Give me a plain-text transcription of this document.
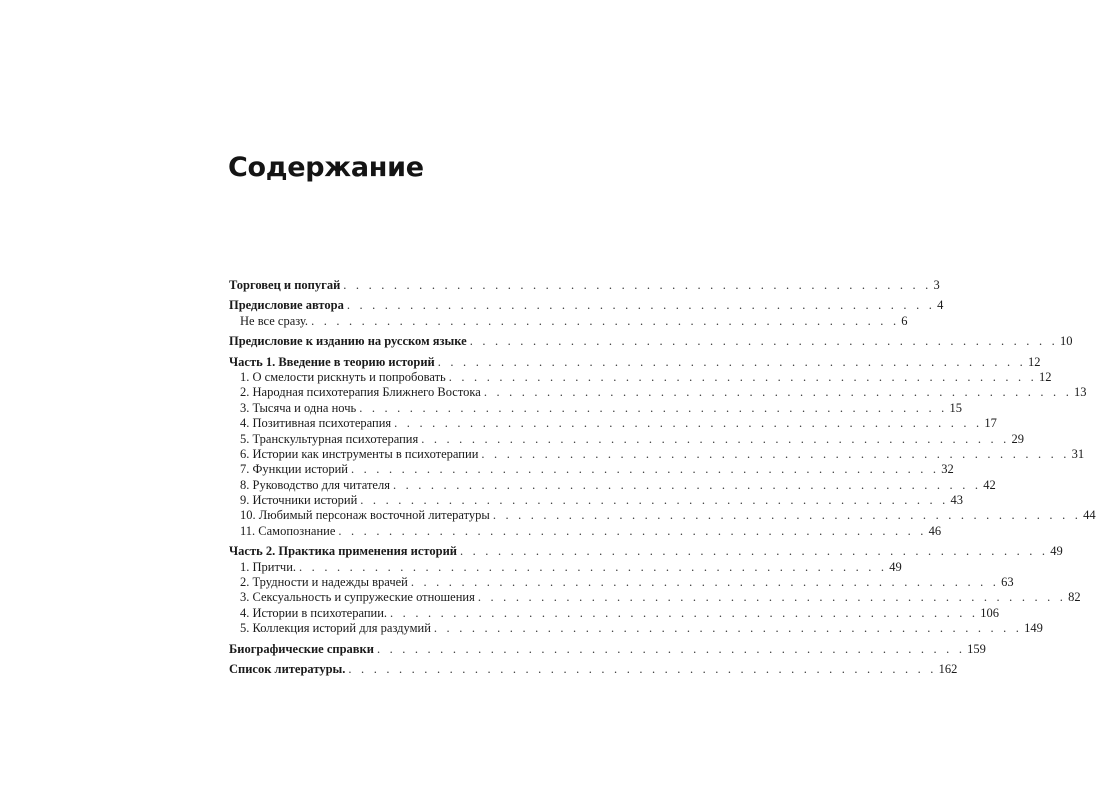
Содержание
Торговец и попугай . . . . . . . . . . . . . . . . . . . . . . . . . . . . . . . . . . . . . . . . . . . . . . . 3
Предисловие автора . . . . . . . . . . . . . . . . . . . . . . . . . . . . . . . . . . . . . . . . . . . . . . . 4
Не все сразу. . . . . . . . . . . . . . . . . . . . . . . . . . . . . . . . . . . . . . . . . . . . . . . . 6
Предисловие к изданию на русском языке . . . . . . . . . . . . . . . . . . . . . . . . . . . . . . . . . . . . . . . . . . . . . . . 10
Часть 1. Введение в теорию историй . . . . . . . . . . . . . . . . . . . . . . . . . . . . . . . . . . . . . . . . . . . . . . . 12
1. О смелости рискнуть и попробовать . . . . . . . . . . . . . . . . . . . . . . . . . . . . . . . . . . . . . . . . . . . . . . . 12
2. Народная психотерапия Ближнего Востока . . . . . . . . . . . . . . . . . . . . . . . . . . . . . . . . . . . . . . . . . . . . . . . 13
3. Тысяча и одна ночь . . . . . . . . . . . . . . . . . . . . . . . . . . . . . . . . . . . . . . . . . . . . . . . 15
4. Позитивная психотерапия . . . . . . . . . . . . . . . . . . . . . . . . . . . . . . . . . . . . . . . . . . . . . . . 17
5. Транскультурная психотерапия . . . . . . . . . . . . . . . . . . . . . . . . . . . . . . . . . . . . . . . . . . . . . . . 29
6. Истории как инструменты в психотерапии . . . . . . . . . . . . . . . . . . . . . . . . . . . . . . . . . . . . . . . . . . . . . . . 31
7. Функции историй . . . . . . . . . . . . . . . . . . . . . . . . . . . . . . . . . . . . . . . . . . . . . . . 32
8. Руководство для читателя . . . . . . . . . . . . . . . . . . . . . . . . . . . . . . . . . . . . . . . . . . . . . . . 42
9. Источники историй . . . . . . . . . . . . . . . . . . . . . . . . . . . . . . . . . . . . . . . . . . . . . . . 43
10. Любимый персонаж восточной литературы . . . . . . . . . . . . . . . . . . . . . . . . . . . . . . . . . . . . . . . . . . . . . . . 44
11. Самопознание . . . . . . . . . . . . . . . . . . . . . . . . . . . . . . . . . . . . . . . . . . . . . . . 46
Часть 2. Практика применения историй . . . . . . . . . . . . . . . . . . . . . . . . . . . . . . . . . . . . . . . . . . . . . . . 49
1. Притчи. . . . . . . . . . . . . . . . . . . . . . . . . . . . . . . . . . . . . . . . . . . . . . . . 49
2. Трудности и надежды врачей . . . . . . . . . . . . . . . . . . . . . . . . . . . . . . . . . . . . . . . . . . . . . . . 63
3. Сексуальность и супружеские отношения . . . . . . . . . . . . . . . . . . . . . . . . . . . . . . . . . . . . . . . . . . . . . . . 82
4. Истории в психотерапии. . . . . . . . . . . . . . . . . . . . . . . . . . . . . . . . . . . . . . . . . . . . . . . . 106
5. Коллекция историй для раздумий . . . . . . . . . . . . . . . . . . . . . . . . . . . . . . . . . . . . . . . . . . . . . . . 149
Биографические справки . . . . . . . . . . . . . . . . . . . . . . . . . . . . . . . . . . . . . . . . . . . . . . . 159
Список литературы. . . . . . . . . . . . . . . . . . . . . . . . . . . . . . . . . . . . . . . . . . . . . . . . 162
